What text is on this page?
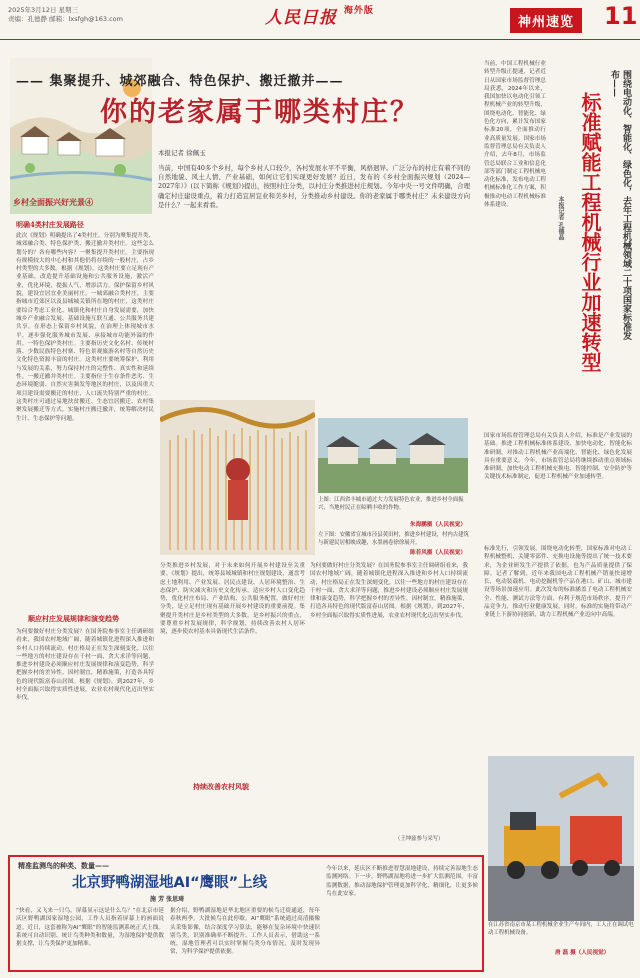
2025年3月12日 星期三
责编：孔德静 邮箱：lxsfgh@163.com	人民日报 $^{海外版}$
神州速览	11
乡村全面振兴好光景④
—— 集聚提升、城郊融合、特色保护、搬迁撤并——
你的老家属于哪类村庄？
本报记者 徐佩玉
当前，中国有40多个乡村，每个乡村人口较少，各村发展水平不平衡，风格迥异。广泛分布的村庄有着不同的自然地貌、风土人情、产业基础，如何让它们实现更好发展？近日，发布的《乡村全面振兴规划（2024—2027年）》(以下简称《规划》)提出，按照村庄分类，以村庄分类推进村庄规划。今年中央一号文件明确，合理确定村庄建设重点，着力打造宜居宜业和美乡村，分类推动乡村建设。你的老家属于哪类村庄？未来建设方向是什么？一起来看看。
明确4类村庄发展路径
此次《规划》明确提出了4类村庄。分别为聚集提升类、城郊融合类、特色保护类、搬迁撤并类村庄。这些怎么划分的？各有哪些内容？一聚集提升类村庄。主要指现有规模较大的中心村和其他仍将存续的一般村庄，占乡村类型的大多数。根据《规划》，这类村庄要立足现有产业基础，改造提升基础设施和公共服务设施，激活产业，优化环境，提振人气，增添活力，保护保留乡村风貌，建设宜居宜业美丽村庄。一城郊融合类村庄。主要指城市近郊区以及县城城关镇所在地的村庄，这类村庄要综合考虑工业化、城镇化和村庄自身发展需要，加快城乡产业融合发展、基础设施互联互通、公共服务共建共享，在形态上保留乡村风貌，在治理上体现城市水平，逐步强化服务城市发展、承接城市功能外溢的作用。一特色保护类村庄。主要指历史文化名村、传统村落、少数民族特色村寨、特色景观旅游名村等自然历史文化特色资源丰富的村庄。这类村庄要统筹保护、利用与发展的关系，努力保持村庄的完整性、真实性和延续性。一搬迁撤并类村庄。主要指位于生存条件恶劣、生态环境脆弱、自然灾害频发等地区的村庄，以及因重大项目建设需要搬迁的村庄，人口流失特别严重的村庄。这类村庄可通过易地扶贫搬迁、生态宜居搬迁、农村集聚发展搬迁等方式，实施村庄搬迁撤并，统筹解决村民生计、生态保护等问题。
顺应村庄发展规律和演变趋势
为何要做好村庄分类发展？在国务院参事室主任调研组看来，我国农村地域广阔，随着城镇化进程深入推进和乡村人口持续流动，村庄格局正在发生深刻变化。以往一些地方的村庄建设存在千村一面、贪大求洋等问题，推进乡村建设必须顺应村庄发展规律和演变趋势，科学把握乡村的差异性，因村制宜，精准施策，打造各具特色的现代版富春山居图。根据《规划》，到2027年，乡村全面振兴取得实质性进展，农业农村现代化迈出坚实步伐。
上图：江西省丰城市通过大力发展特色农业，推进乡村全面振兴，当地村民正在晾晒丰收的作物。
朱海鹏摄（人民视觉）
左下图：安徽省宣城市泾县黄田村，推进乡村建设，村内古建筑与新建民居相映成趣，水墨画卷徐徐展开。
陈若风摄（人民视觉）
分类推进乡村发展，对于未来如何开展乡村建设至关重要。《规划》提出，统筹县域城镇和村庄规划建设，通盘考虑土地利用、产业发展、居民点建设、人居环境整治、生态保护、防灾减灾和历史文化传承，适应乡村人口变化趋势，优化村庄布局、产业结构、公共服务配置。做好村庄分类，是立足村庄现有基础开展乡村建设的重要前提。集聚提升类村庄是乡村类型的大多数，是乡村振兴的重点，要尊重乡村发展规律，科学规划，持续改善农村人居环境，逐步使农村基本具备现代生活条件。
持续改善农村风貌
为何要做好村庄分类发展？在国务院参事室主任调研组看来，我国农村地域广阔，随着城镇化进程深入推进和乡村人口持续流动，村庄格局正在发生深刻变化。以往一些地方的村庄建设存在千村一面、贪大求洋等问题，推进乡村建设必须顺应村庄发展规律和演变趋势，科学把握乡村的差异性，因村制宜，精准施策，打造各具特色的现代版富春山居图。根据《规划》，到2027年，乡村全面振兴取得实质性进展，农业农村现代化迈出坚实步伐。
（王坤兹参与采写）
围绕电动化、智能化、绿色化，去年工程机械领域二十项国家标准发布——
标准赋能工程机械行业加速转型
本报记者 孔德晶
当前，中国工程机械行业转型升级正提速，记者近日从国家市场监督管理总局获悉，2024年以来，我国加快以电动化引领工程机械产业的转型升级，围绕电动化、智能化、绿色化方向，累计发布国家标准20项，全面推动行业高质量发展。国家市场监督管理总局有关负责人介绍，去年8月，市场监管总局联合工业和信息化部等部门制定工程机械电动化标准，发布电动工程机械标准化工作方案，积极推动电动工程机械标准体系建设。
国家市场监督管理总局有关负责人介绍，标准是产业发展的基础。推进工程机械标准体系建设，加快电动化、智能化标准研制，对推动工程机械产业高端化、智能化、绿色化发展具有重要意义。今年，市场监管总局将继续推动重点领域标准研制，加快电动工程机械充换电、智能控制、安全防护等关键技术标准制定，促进工程机械产业加速转型。
标准先行，引领发展。围绕电动化转型，国家标准对电动工程机械整机、关键零部件、充换电设施等提出了统一技术要求，为企业研发生产提供了依据，也为产品质量提供了保障。记者了解到，近年来我国电动工程机械产销量快速增长，电动装载机、电动挖掘机等产品在港口、矿山、城市建设等场景加速应用。此次发布的标准涵盖了电动工程机械安全、性能、测试方法等方面，有利于规范市场秩序，提升产品竞争力，推动行业健康发展。同时，标准的实施将带动产业链上下游协同创新，助力工程机械产业迈向中高端。
在江苏省南京市某工程机械企业生产车间内，工人正在调试电动工程机械设备。
唐 磊 摄（人民视觉）
精准监测鸟的种类、数量——
北京野鸭湖湿地AI“鹰眼”上线
施 芳 张思琦
“快看，又飞来一只鸟，屏幕显示这是什么鸟？”在北京市延庆区野鸭湖国家湿地公园，工作人员指着屏幕上的画面说道。近日，这套被称为AI“鹰眼”的智能监测系统正式上线。系统可自动识别、统计鸟类种类和数量，为湿地保护提供数据支撑，让鸟类保护更加精准。
据介绍，野鸭湖湿地是华北地区重要的候鸟迁徙通道，每年春秋两季，大批候鸟在此停歇。AI“鹰眼”系统通过高清摄像头采集影像，结合深度学习算法，能够在复杂环境中快速识别鸟类，识别准确率不断提升。工作人员表示，借助这一系统，湿地管理者可以实时掌握鸟类分布情况，及时发现异常，为科学保护提供依据。
今年以来，延庆区不断推进智慧湿地建设，持续完善湿地生态监测网络。下一步，野鸭湖湿地将进一步扩大监测范围，丰富监测数据，推动湿地保护管理更加科学化、精细化，让更多候鸟在此安家。
